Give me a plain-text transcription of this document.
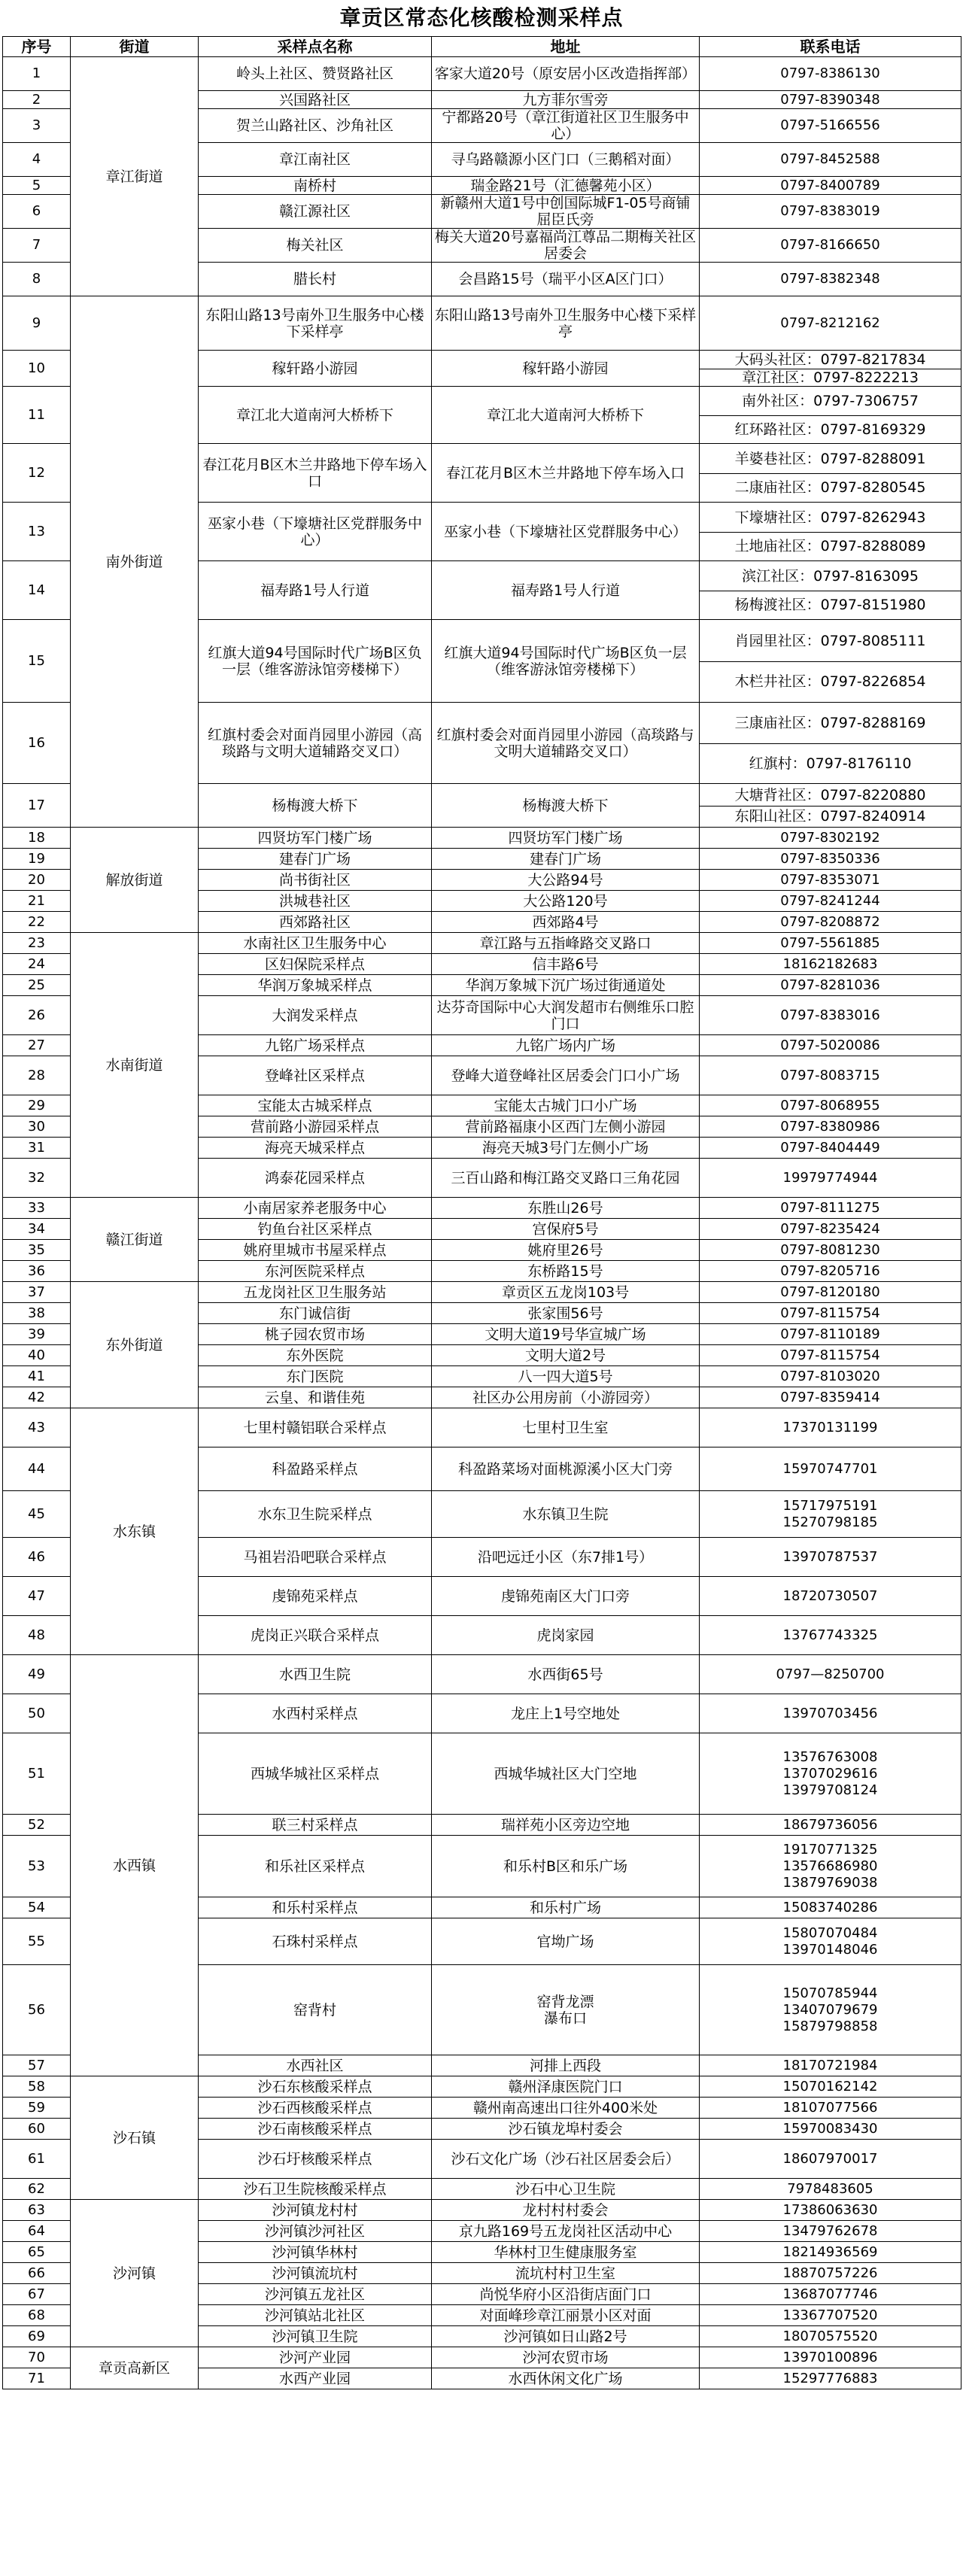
章贡区常态化核酸检测采样点
序号	街道	采样点名称	地址	联系电话
1	章江街道	岭头上社区、赞贤路社区	客家大道20号（原安居小区改造指挥部）	0797-8386130
2		兴国路社区	九方菲尔雪旁	0797-8390348
3		贺兰山路社区、沙角社区	宁都路20号（章江街道社区卫生服务中心）	0797-5166556
4		章江南社区	寻乌路赣源小区门口（三鹅稻对面）	0797-8452588
5		南桥村	瑞金路21号（汇德馨苑小区）	0797-8400789
6		赣江源社区	新赣州大道1号中创国际城F1-05号商铺屈臣氏旁	0797-8383019
7		梅关社区	梅关大道20号嘉福尚江尊品二期梅关社区居委会	0797-8166650
8		腊长村	会昌路15号（瑞平小区A区门口）	0797-8382348
9	南外街道	东阳山路13号南外卫生服务中心楼下采样亭	东阳山路13号南外卫生服务中心楼下采样亭	0797-8212162
10		稼轩路小游园	稼轩路小游园	大码头社区：0797-8217834
章江社区：0797-8222213

11		章江北大道南河大桥桥下	章江北大道南河大桥桥下	南外社区：0797-7306757
红环路社区：0797-8169329

12		春江花月B区木兰井路地下停车场入口	春江花月B区木兰井路地下停车场入口	羊婆巷社区：0797-8288091
二康庙社区：0797-8280545

13		巫家小巷（下壕塘社区党群服务中心）	巫家小巷（下壕塘社区党群服务中心）	下壕塘社区：0797-8262943
土地庙社区：0797-8288089

14		福寿路1号人行道	福寿路1号人行道	滨江社区：0797-8163095
杨梅渡社区：0797-8151980

15		红旗大道94号国际时代广场B区负一层（维客游泳馆旁楼梯下）	红旗大道94号国际时代广场B区负一层（维客游泳馆旁楼梯下）	肖园里社区：0797-8085111
木栏井社区：0797-8226854

16		红旗村委会对面肖园里小游园（高琰路与文明大道辅路交叉口）	红旗村委会对面肖园里小游园（高琰路与文明大道辅路交叉口）	三康庙社区：0797-8288169
红旗村：0797-8176110

17		杨梅渡大桥下	杨梅渡大桥下	大塘背社区：0797-8220880
东阳山社区：0797-8240914

18	解放街道	四贤坊军门楼广场	四贤坊军门楼广场	0797-8302192
19		建春门广场	建春门广场	0797-8350336
20		尚书街社区	大公路94号	0797-8353071
21		洪城巷社区	大公路120号	0797-8241244
22		西郊路社区	西郊路4号	0797-8208872
23	水南街道	水南社区卫生服务中心	章江路与五指峰路交叉路口	0797-5561885
24		区妇保院采样点	信丰路6号	18162182683
25		华润万象城采样点	华润万象城下沉广场过街通道处	0797-8281036
26		大润发采样点	达芬奇国际中心大润发超市右侧维乐口腔门口	0797-8383016
27		九铭广场采样点	九铭广场内广场	0797-5020086
28		登峰社区采样点	登峰大道登峰社区居委会门口小广场	0797-8083715
29		宝能太古城采样点	宝能太古城门口小广场	0797-8068955
30		营前路小游园采样点	营前路福康小区西门左侧小游园	0797-8380986
31		海亮天城采样点	海亮天城3号门左侧小广场	0797-8404449
32		鸿泰花园采样点	三百山路和梅江路交叉路口三角花园	19979774944
33	赣江街道	小南居家养老服务中心	东胜山26号	0797-8111275
34		钓鱼台社区采样点	宫保府5号	0797-8235424
35		姚府里城市书屋采样点	姚府里26号	0797-8081230
36		东河医院采样点	东桥路15号	0797-8205716
37	东外街道	五龙岗社区卫生服务站	章贡区五龙岗103号	0797-8120180
38		东门诚信街	张家围56号	0797-8115754
39		桃子园农贸市场	文明大道19号华宣城广场	0797-8110189
40		东外医院	文明大道2号	0797-8115754
41		东门医院	八一四大道5号	0797-8103020
42		云皇、和谐佳苑	社区办公用房前（小游园旁）	0797-8359414
43	水东镇	七里村赣铝联合采样点	七里村卫生室	17370131199
44		科盈路采样点	科盈路菜场对面桃源溪小区大门旁	15970747701
45		水东卫生院采样点	水东镇卫生院	15717975191
15270798185

46		马祖岩沿吧联合采样点	沿吧远迁小区（东7排1号）	13970787537
47		虔锦苑采样点	虔锦苑南区大门口旁	18720730507
48		虎岗正兴联合采样点	虎岗家园	13767743325
49	水西镇	水西卫生院	水西街65号	0797—8250700
50		水西村采样点	龙庄上1号空地处	13970703456
51		西城华城社区采样点	西城华城社区大门空地	13576763008
13707029616
13979708124

52		联三村采样点	瑞祥苑小区旁边空地	18679736056
53		和乐社区采样点	和乐村B区和乐广场	19170771325
13576686980
13879769038

54		和乐村采样点	和乐村广场	15083740286
55		石珠村采样点	官坳广场	15807070484
13970148046

56		窑背村	窑背龙漂
瀑布口	15070785944
13407079679
15879798858

57		水西社区	河排上西段	18170721984
58	沙石镇	沙石东核酸采样点	赣州泽康医院门口	15070162142
59		沙石西核酸采样点	赣州南高速出口往外400米处	18107077566
60		沙石南核酸采样点	沙石镇龙埠村委会	15970083430
61		沙石圩核酸采样点	沙石文化广场（沙石社区居委会后）	18607970017
62		沙石卫生院核酸采样点	沙石中心卫生院	7978483605
63	沙河镇	沙河镇龙村村	龙村村村委会	17386063630
64		沙河镇沙河社区	京九路169号五龙岗社区活动中心	13479762678
65		沙河镇华林村	华林村卫生健康服务室	18214936569
66		沙河镇流坑村	流坑村村卫生室	18870757226
67		沙河镇五龙社区	尚悦华府小区沿街店面门口	13687077746
68		沙河镇站北社区	对面峰珍章江丽景小区对面	13367707520
69		沙河镇卫生院	沙河镇如日山路2号	18070575520
70	章贡高新区	沙河产业园	沙河农贸市场	13970100896
71		水西产业园	水西休闲文化广场	15297776883
